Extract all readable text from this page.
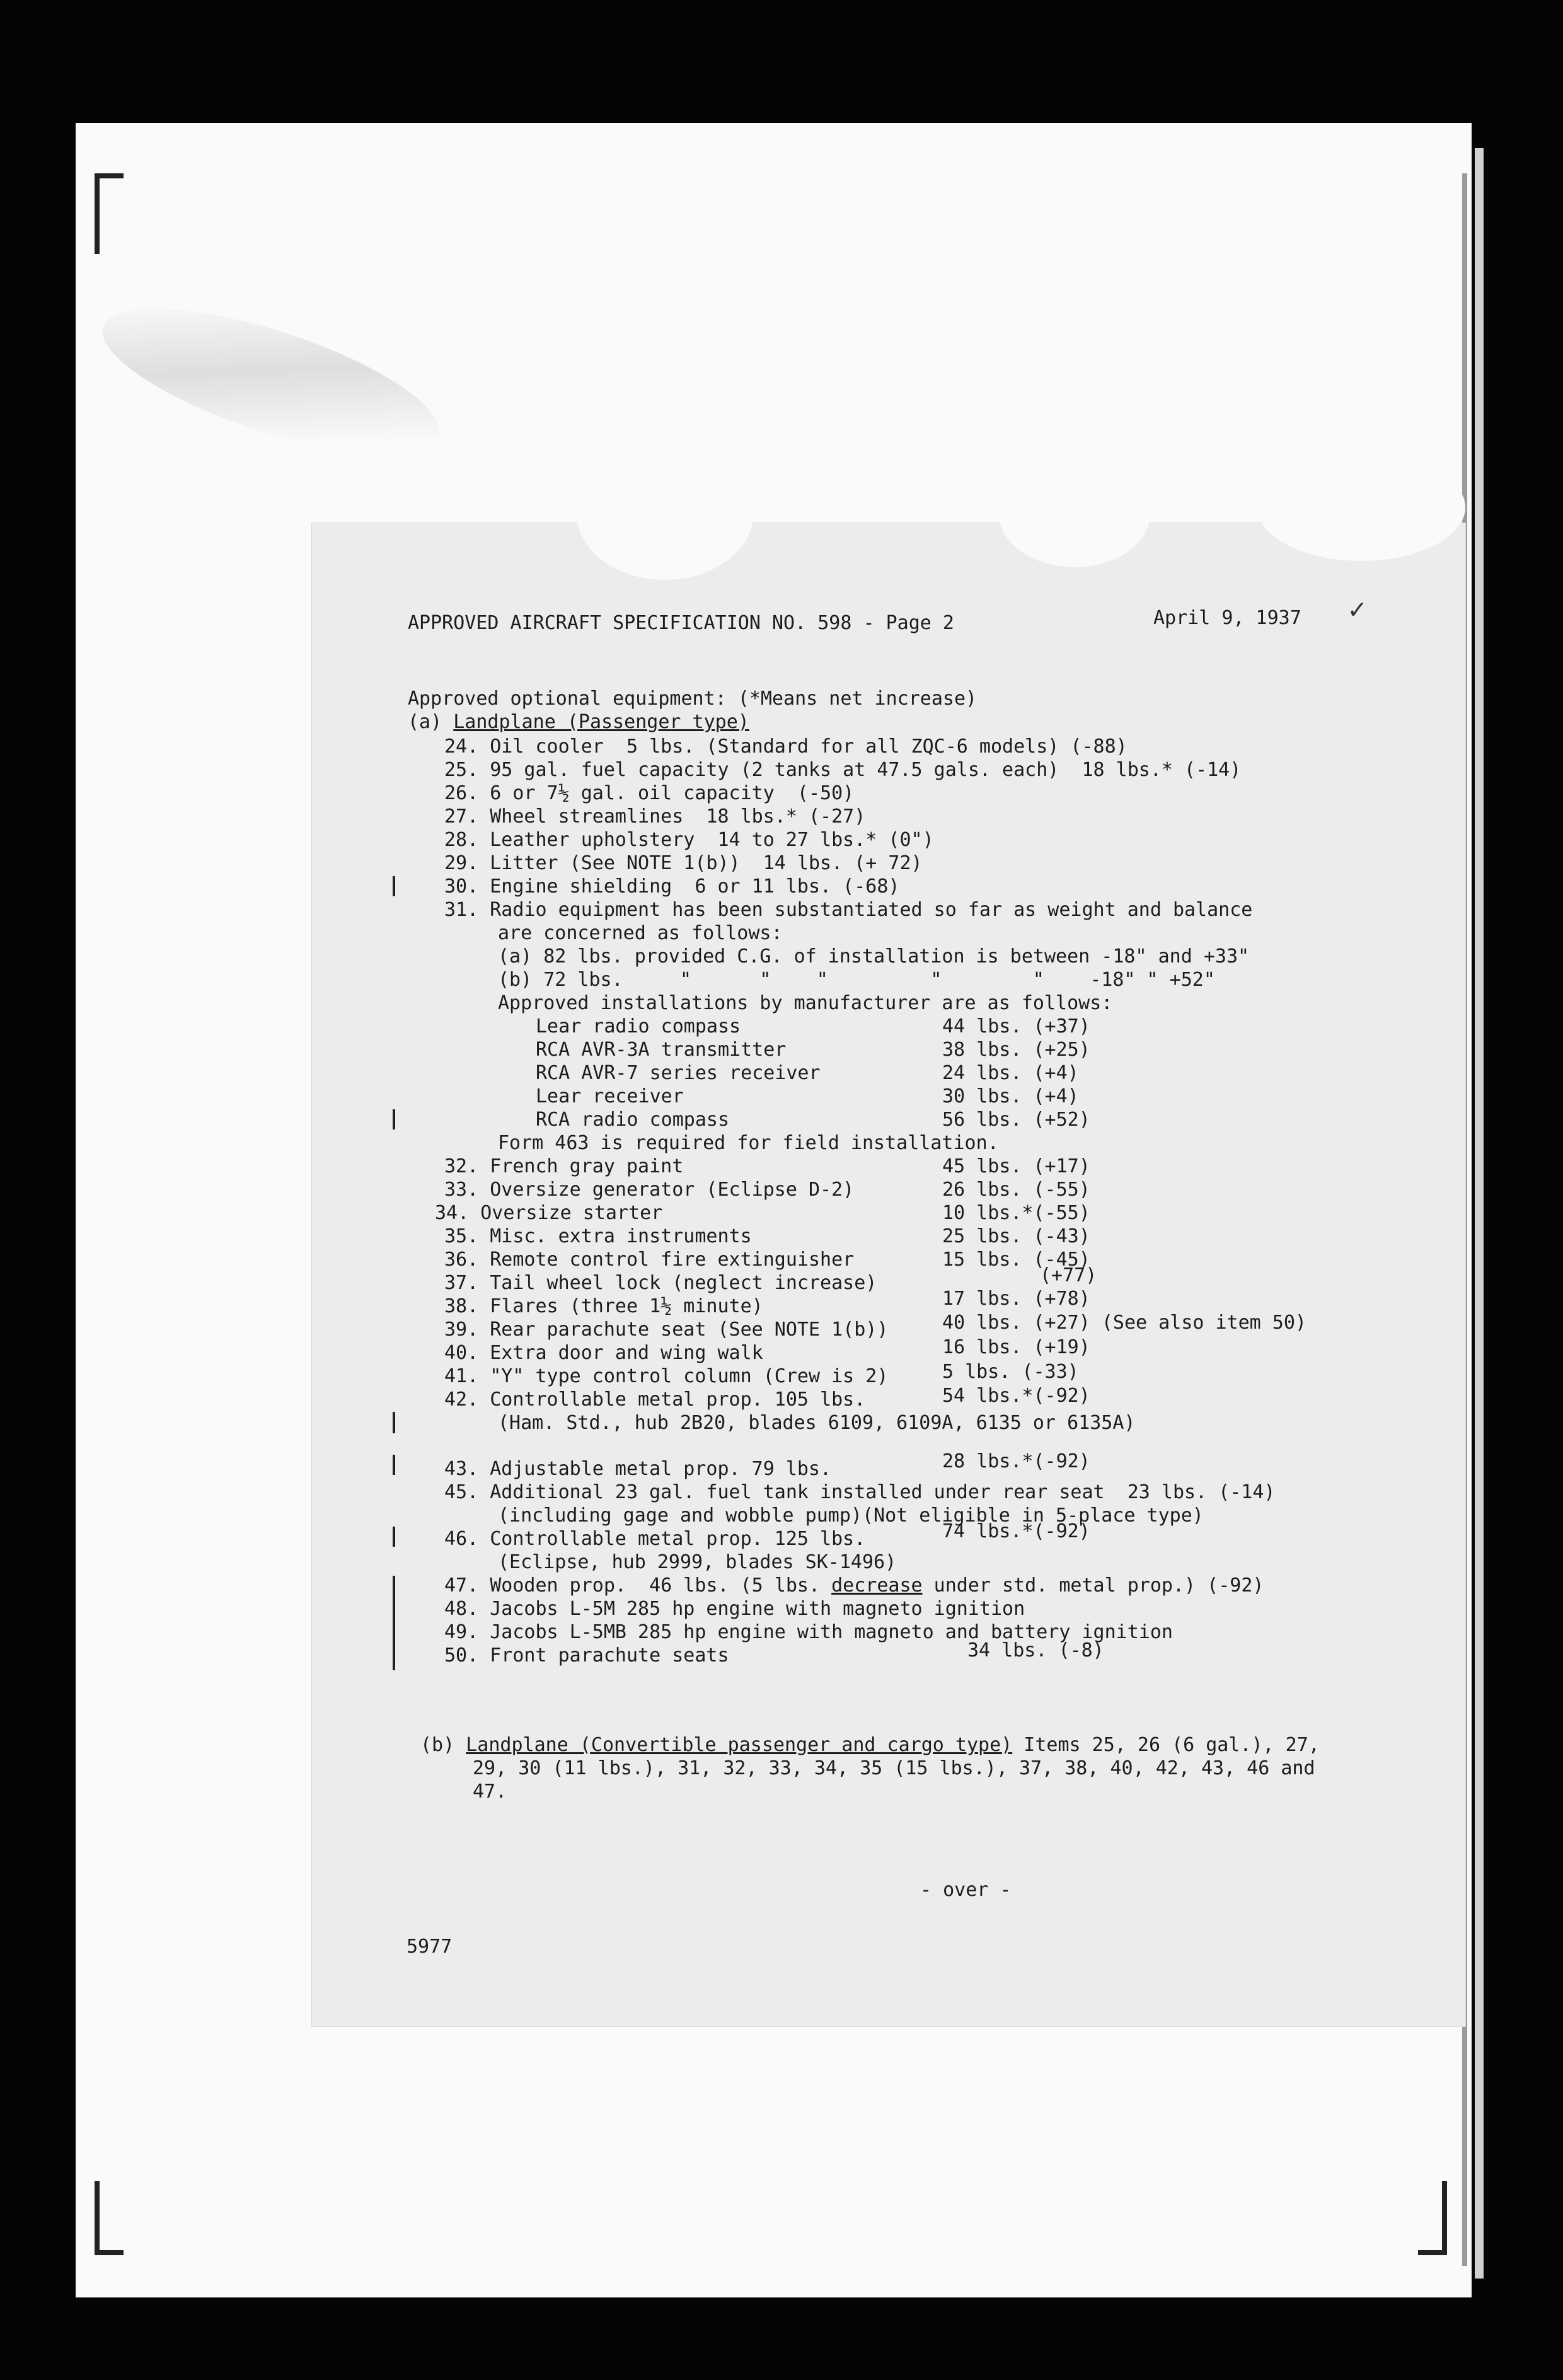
APPROVED AIRCRAFT SPECIFICATION NO. 598 - Page 2	April 9, 1937 ✓
Approved optional equipment: (*Means net increase)
(a) Landplane (Passenger type)
24. Oil cooler  5 lbs. (Standard for all ZQC-6 models) (-88)
25. 95 gal. fuel capacity (2 tanks at 47.5 gals. each)  18 lbs.* (-14)
26. 6 or 7½ gal. oil capacity  (-50)
27. Wheel streamlines  18 lbs.* (-27)
28. Leather upholstery  14 to 27 lbs.* (0")
29. Litter (See NOTE 1(b))  14 lbs. (+ 72)
30. Engine shielding  6 or 11 lbs. (-68)
31. Radio equipment has been substantiated so far as weight and balance
are concerned as follows:
(a) 82 lbs. provided C.G. of installation is between -18" and +33"
(b) 72 lbs.     "      "    "         "        "    -18" " +52"
Approved installations by manufacturer are as follows:
Lear radio compass	44 lbs. (+37)
RCA AVR-3A transmitter	38 lbs. (+25)
RCA AVR-7 series receiver	24 lbs. (+4)
Lear receiver	30 lbs. (+4)
RCA radio compass	56 lbs. (+52)
Form 463 is required for field installation.
32. French gray paint	45 lbs. (+17)
33. Oversize generator (Eclipse D-2)	26 lbs. (-55)
34. Oversize starter	10 lbs.*(-55)
35. Misc. extra instruments	25 lbs. (-43)
36. Remote control fire extinguisher	15 lbs. (-45)
37. Tail wheel lock (neglect increase)	(+77)
38. Flares (three 1½ minute)	17 lbs. (+78)
39. Rear parachute seat (See NOTE 1(b))	40 lbs. (+27) (See also item 50)
40. Extra door and wing walk	16 lbs. (+19)
41. "Y" type control column (Crew is 2)	5 lbs. (-33)
42. Controllable metal prop. 105 lbs.	54 lbs.*(-92)
(Ham. Std., hub 2B20, blades 6109, 6109A, 6135 or 6135A)
43. Adjustable metal prop. 79 lbs.	28 lbs.*(-92)
45. Additional 23 gal. fuel tank installed under rear seat  23 lbs. (-14)
(including gage and wobble pump)(Not eligible in 5-place type)
46. Controllable metal prop. 125 lbs.	74 lbs.*(-92)
(Eclipse, hub 2999, blades SK-1496)
47. Wooden prop.  46 lbs. (5 lbs. decrease under std. metal prop.) (-92)
48. Jacobs L-5M 285 hp engine with magneto ignition
49. Jacobs L-5MB 285 hp engine with magneto and battery ignition
50. Front parachute seats	34 lbs. (-8)
(b) Landplane (Convertible passenger and cargo type) Items 25, 26 (6 gal.), 27,
29, 30 (11 lbs.), 31, 32, 33, 34, 35 (15 lbs.), 37, 38, 40, 42, 43, 46 and
47.
- over -
5977
